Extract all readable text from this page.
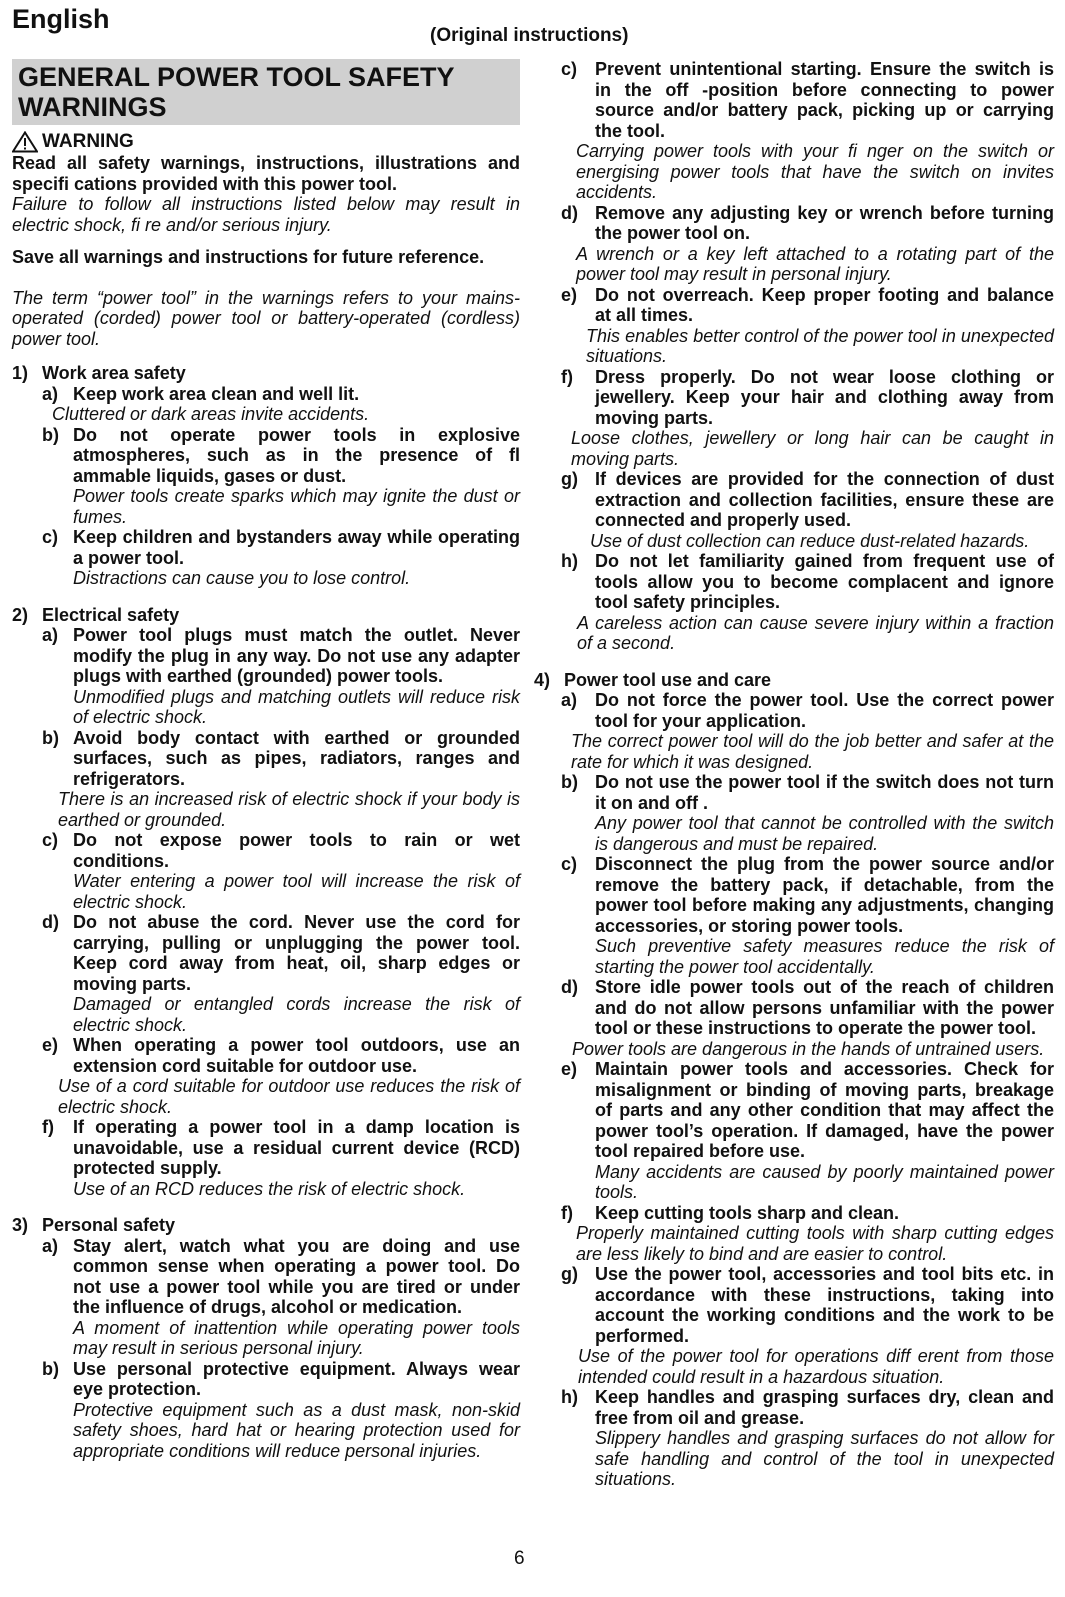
English
(Original instructions)
GENERAL POWER TOOL SAFETY WARNINGS
WARNING

Read all safety warnings, instructions, illustrations and specifi cations provided with this power tool.

Failure to follow all instructions listed below may result in electric shock, fi re and/or serious injury.

Save all warnings and instructions for future reference.

The term “power tool” in the warnings refers to your mains-operated (corded) power tool or battery-operated (cordless) power tool.

1) Work area safety
a) Keep work area clean and well lit.

Cluttered or dark areas invite accidents.

b) Do not operate power tools in explosive atmospheres, such as in the presence of fl ammable liquids, gases or dust.

Power tools create sparks which may ignite the dust or fumes.

c) Keep children and bystanders away while operating a power tool.

Distractions can cause you to lose control.

2) Electrical safety
a) Power tool plugs must match the outlet. Never modify the plug in any way. Do not use any adapter plugs with earthed (grounded) power tools.

Unmodified plugs and matching outlets will reduce risk of electric shock.

b) Avoid body contact with earthed or grounded surfaces, such as pipes, radiators, ranges and refrigerators.

There is an increased risk of electric shock if your body is earthed or grounded.

c) Do not expose power tools to rain or wet conditions.

Water entering a power tool will increase the risk of electric shock.

d) Do not abuse the cord. Never use the cord for carrying, pulling or unplugging the power tool. Keep cord away from heat, oil, sharp edges or moving parts.

Damaged or entangled cords increase the risk of electric shock.

e) When operating a power tool outdoors, use an extension cord suitable for outdoor use.

Use of a cord suitable for outdoor use reduces the risk of electric shock.

f)	If operating a power tool in a damp location is unavoidable, use a residual current device (RCD) protected supply.

Use of an RCD reduces the risk of electric shock.

3) Personal safety
a) Stay alert, watch what you are doing and use common sense when operating a power tool. Do not use a power tool while you are tired or under the influence of drugs, alcohol or medication.

A moment of inattention while operating power tools may result in serious personal injury.

b) Use personal protective equipment. Always wear eye protection.

Protective equipment such as a dust mask, non-skid safety shoes, hard hat or hearing protection used for appropriate conditions will reduce personal injuries.

c) Prevent unintentional starting. Ensure the switch is in the off -position before connecting to power source and/or battery pack, picking up or carrying the tool.

Carrying power tools with your fi nger on the switch or energising power tools that have the switch on invites accidents.

d) Remove any adjusting key or wrench before turning the power tool on.

A wrench or a key left attached to a rotating part of the power tool may result in personal injury.

e) Do not overreach. Keep proper footing and balance at all times.

This enables better control of the power tool in unexpected situations.

f)	Dress properly. Do not wear loose clothing or jewellery. Keep your hair and clothing away from moving parts.

Loose clothes, jewellery or long hair can be caught in moving parts.

g) If devices are provided for the connection of dust extraction and collection facilities, ensure these are connected and properly used.

Use of dust collection can reduce dust-related hazards.

h) Do not let familiarity gained from frequent use of tools allow you to become complacent and ignore tool safety principles.

A careless action can cause severe injury within a fraction of a second.

4) Power tool use and care
a) Do not force the power tool. Use the correct power tool for your application.

The correct power tool will do the job better and safer at the rate for which it was designed.

b) Do not use the power tool if the switch does not turn it on and off .

Any power tool that cannot be controlled with the switch is dangerous and must be repaired.

c) Disconnect the plug from the power source and/or remove the battery pack, if detachable, from the power tool before making any adjustments, changing accessories, or storing power tools.

Such preventive safety measures reduce the risk of starting the power tool accidentally.

d) Store idle power tools out of the reach of children and do not allow persons unfamiliar with the power tool or these instructions to operate the power tool.

Power tools are dangerous in the hands of untrained users.

e) Maintain power tools and accessories. Check for misalignment or binding of moving parts, breakage of parts and any other condition that may affect the power tool’s operation. If damaged, have the power tool repaired before use.

Many accidents are caused by poorly maintained power tools.

f)	Keep cutting tools sharp and clean.

Properly maintained cutting tools with sharp cutting edges are less likely to bind and are easier to control.

g) Use the power tool, accessories and tool bits etc. in accordance with these instructions, taking into account the working conditions and the work to be performed.

Use of the power tool for operations diff erent from those intended could result in a hazardous situation.

h) Keep handles and grasping surfaces dry, clean and free from oil and grease.

Slippery handles and grasping surfaces do not allow for safe handling and control of the tool in unexpected situations.

6
